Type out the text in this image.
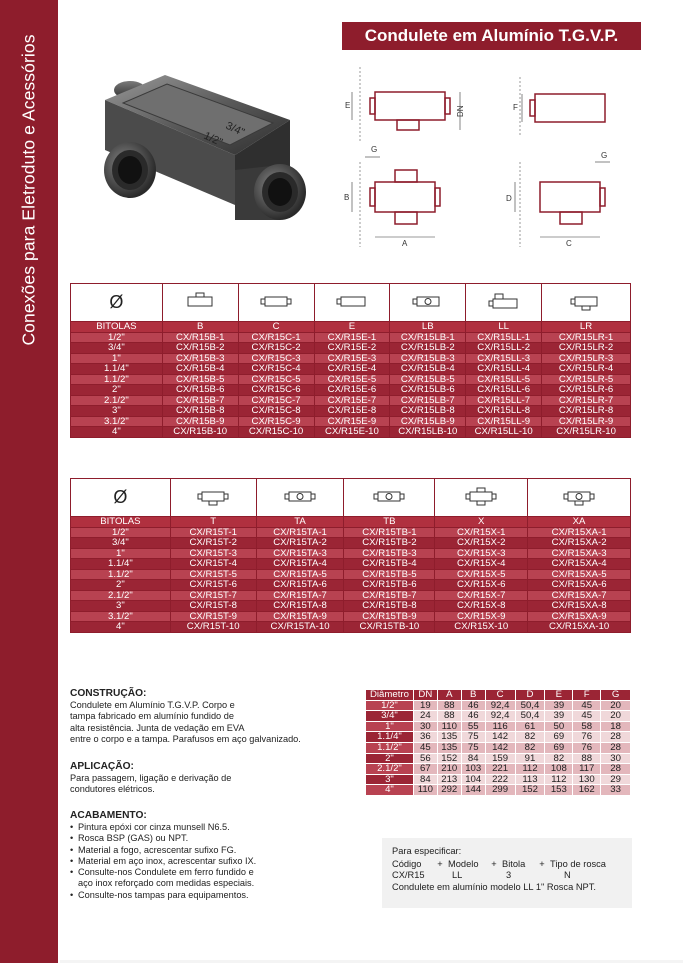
Conexões para Eletroduto e Acessórios	Condulete em Alumínio T.G.V.P.
1/2"
3/4"
E	DN	F
G
B
A
G
D
C
Ø						
BITOLAS	B	C	E	LB	LL	LR
1/2"	CX/R15B-1	CX/R15C-1	CX/R15E-1	CX/R15LB-1	CX/R15LL-1	CX/R15LR-1
3/4"	CX/R15B-2	CX/R15C-2	CX/R15E-2	CX/R15LB-2	CX/R15LL-2	CX/R15LR-2
1"	CX/R15B-3	CX/R15C-3	CX/R15E-3	CX/R15LB-3	CX/R15LL-3	CX/R15LR-3
1.1/4"	CX/R15B-4	CX/R15C-4	CX/R15E-4	CX/R15LB-4	CX/R15LL-4	CX/R15LR-4
1.1/2"	CX/R15B-5	CX/R15C-5	CX/R15E-5	CX/R15LB-5	CX/R15LL-5	CX/R15LR-5
2"	CX/R15B-6	CX/R15C-6	CX/R15E-6	CX/R15LB-6	CX/R15LL-6	CX/R15LR-6
2.1/2"	CX/R15B-7	CX/R15C-7	CX/R15E-7	CX/R15LB-7	CX/R15LL-7	CX/R15LR-7
3"	CX/R15B-8	CX/R15C-8	CX/R15E-8	CX/R15LB-8	CX/R15LL-8	CX/R15LR-8
3.1/2"	CX/R15B-9	CX/R15C-9	CX/R15E-9	CX/R15LB-9	CX/R15LL-9	CX/R15LR-9
4"	CX/R15B-10	CX/R15C-10	CX/R15E-10	CX/R15LB-10	CX/R15LL-10	CX/R15LR-10
Ø					
BITOLAS	T	TA	TB	X	XA
1/2"	CX/R15T-1	CX/R15TA-1	CX/R15TB-1	CX/R15X-1	CX/R15XA-1
3/4"	CX/R15T-2	CX/R15TA-2	CX/R15TB-2	CX/R15X-2	CX/R15XA-2
1"	CX/R15T-3	CX/R15TA-3	CX/R15TB-3	CX/R15X-3	CX/R15XA-3
1.1/4"	CX/R15T-4	CX/R15TA-4	CX/R15TB-4	CX/R15X-4	CX/R15XA-4
1.1/2"	CX/R15T-5	CX/R15TA-5	CX/R15TB-5	CX/R15X-5	CX/R15XA-5
2"	CX/R15T-6	CX/R15TA-6	CX/R15TB-6	CX/R15X-6	CX/R15XA-6
2.1/2"	CX/R15T-7	CX/R15TA-7	CX/R15TB-7	CX/R15X-7	CX/R15XA-7
3"	CX/R15T-8	CX/R15TA-8	CX/R15TB-8	CX/R15X-8	CX/R15XA-8
3.1/2"	CX/R15T-9	CX/R15TA-9	CX/R15TB-9	CX/R15X-9	CX/R15XA-9
4"	CX/R15T-10	CX/R15TA-10	CX/R15TB-10	CX/R15X-10	CX/R15XA-10
CONSTRUÇÃO:
Condulete em Alumínio T.G.V.P. Corpo e
tampa fabricado em alumínio fundido de
alta resistência. Junta de vedação em EVA
entre o corpo e a tampa. Parafusos em aço galvanizado.
APLICAÇÃO:
Para passagem, ligação e derivação de
condutores elétricos.
ACABAMENTO:
• Pintura epóxi cor cinza munsell N6.5.
• Rosca BSP (GAS) ou NPT.
• Material a fogo, acrescentar sufixo FG.
• Material em aço inox, acrescentar sufixo IX.
• Consulte-nos Condulete em ferro fundido e
aço inox reforçado com medidas especiais.
• Consulte-nos tampas para equipamentos.
Diâmetro	DN	A	B	C	D	E	F	G
1/2"	19	88	46	92,4	50,4	39	45	20
3/4"	24	88	46	92,4	50,4	39	45	20
1"	30	110	55	116	61	50	58	18
1.1/4"	36	135	75	142	82	69	76	28
1.1/2"	45	135	75	142	82	69	76	28
2"	56	152	84	159	91	82	88	30
2.1/2"	67	210	103	221	112	108	117	28
3"	84	213	104	222	113	112	130	29
4"	110	292	144	299	152	153	162	33
Para especificar:
Código	+ Modelo	+ Bitola	+ Tipo de rosca
CX/R15	LL	3	N
Condulete em alumínio modelo LL 1" Rosca NPT.
